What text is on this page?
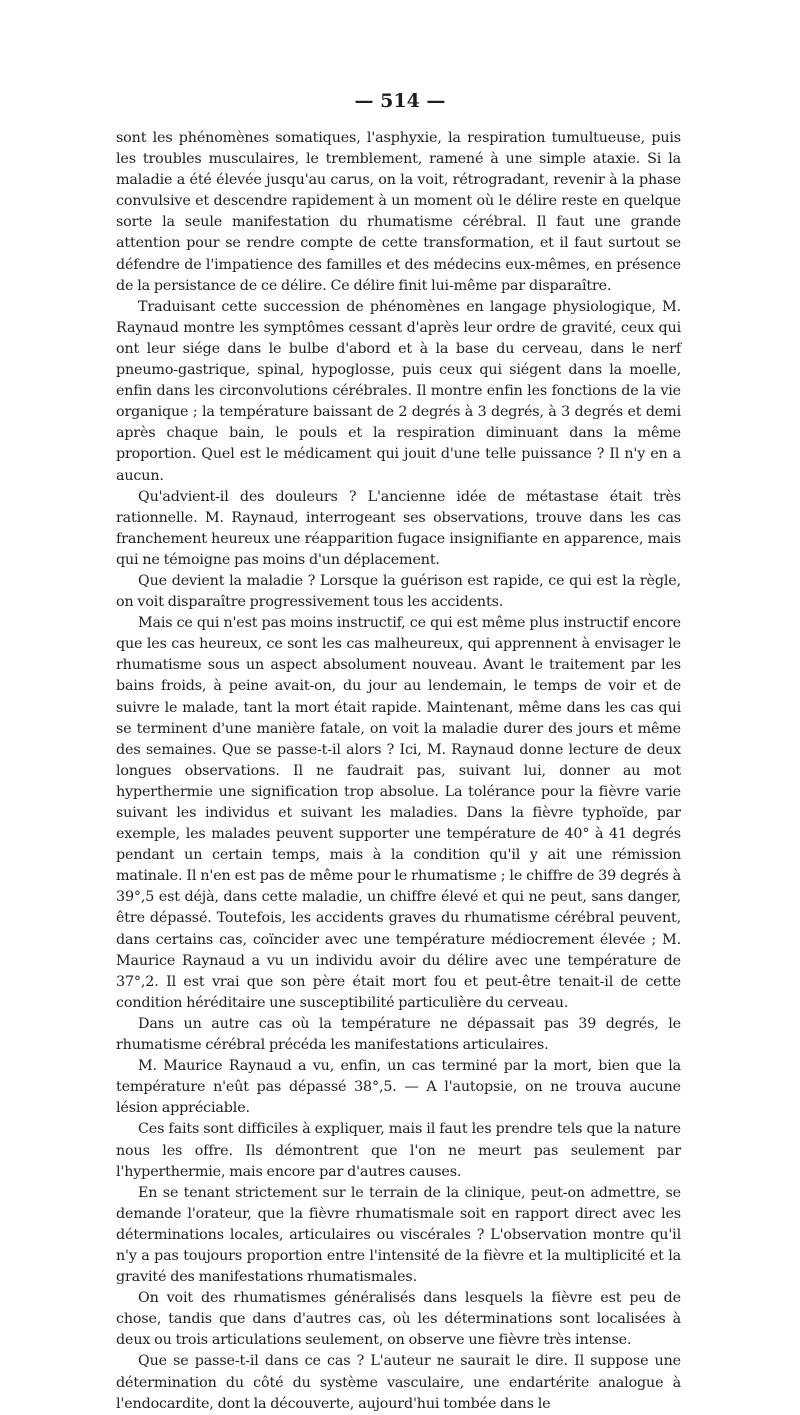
— 514 —

sont les phénomènes somatiques, l'asphyxie, la respiration tumultueuse, puis les troubles musculaires, le tremblement, ramené à une simple ataxie. Si la maladie a été élevée jusqu'au carus, on la voit, rétrogradant, revenir à la phase convulsive et descendre rapidement à un moment où le délire reste en quelque sorte la seule manifestation du rhumatisme cérébral. Il faut une grande attention pour se rendre compte de cette transformation, et il faut surtout se défendre de l'impatience des familles et des médecins eux-mêmes, en présence de la persistance de ce délire. Ce délire finit lui-même par disparaître.

Traduisant cette succession de phénomènes en langage physiologique, M. Raynaud montre les symptômes cessant d'après leur ordre de gravité, ceux qui ont leur siége dans le bulbe d'abord et à la base du cerveau, dans le nerf pneumo-gastrique, spinal, hypoglosse, puis ceux qui siégent dans la moelle, enfin dans les circonvolutions cérébrales. Il montre enfin les fonctions de la vie organique ; la température baissant de 2 degrés à 3 degrés, à 3 degrés et demi après chaque bain, le pouls et la respiration diminuant dans la même proportion. Quel est le médicament qui jouit d'une telle puissance ? Il n'y en a aucun.

Qu'advient-il des douleurs ? L'ancienne idée de métastase était très rationnelle. M. Raynaud, interrogeant ses observations, trouve dans les cas franchement heureux une réapparition fugace insignifiante en apparence, mais qui ne témoigne pas moins d'un déplacement.

Que devient la maladie ? Lorsque la guérison est rapide, ce qui est la règle, on voit disparaître progressivement tous les accidents.

Mais ce qui n'est pas moins instructif, ce qui est même plus instructif encore que les cas heureux, ce sont les cas malheureux, qui apprennent à envisager le rhumatisme sous un aspect absolument nouveau. Avant le traitement par les bains froids, à peine avait-on, du jour au lendemain, le temps de voir et de suivre le malade, tant la mort était rapide. Maintenant, même dans les cas qui se terminent d'une manière fatale, on voit la maladie durer des jours et même des semaines. Que se passe-t-il alors ? Ici, M. Raynaud donne lecture de deux longues observations. Il ne faudrait pas, suivant lui, donner au mot hyperthermie une signification trop absolue. La tolérance pour la fièvre varie suivant les individus et suivant les maladies. Dans la fièvre typhoïde, par exemple, les malades peuvent supporter une température de 40° à 41 degrés pendant un certain temps, mais à la condition qu'il y ait une rémission matinale. Il n'en est pas de même pour le rhumatisme ; le chiffre de 39 degrés à 39°,5 est déjà, dans cette maladie, un chiffre élevé et qui ne peut, sans danger, être dépassé. Toutefois, les accidents graves du rhumatisme cérébral peuvent, dans certains cas, coïncider avec une température médiocrement élevée ; M. Maurice Raynaud a vu un individu avoir du délire avec une température de 37°,2. Il est vrai que son père était mort fou et peut-être tenait-il de cette condition héréditaire une susceptibilité particulière du cerveau.

Dans un autre cas où la température ne dépassait pas 39 degrés, le rhumatisme cérébral précéda les manifestations articulaires.

M. Maurice Raynaud a vu, enfin, un cas terminé par la mort, bien que la température n'eût pas dépassé 38°,5. — A l'autopsie, on ne trouva aucune lésion appréciable.

Ces faits sont difficiles à expliquer, mais il faut les prendre tels que la nature nous les offre. Ils démontrent que l'on ne meurt pas seulement par l'hyperthermie, mais encore par d'autres causes.

En se tenant strictement sur le terrain de la clinique, peut-on admettre, se demande l'orateur, que la fièvre rhumatismale soit en rapport direct avec les déterminations locales, articulaires ou viscérales ? L'observation montre qu'il n'y a pas toujours proportion entre l'intensité de la fièvre et la multiplicité et la gravité des manifestations rhumatismales.

On voit des rhumatismes généralisés dans lesquels la fièvre est peu de chose, tandis que dans d'autres cas, où les déterminations sont localisées à deux ou trois articulations seulement, on observe une fièvre très intense.

Que se passe-t-il dans ce cas ? L'auteur ne saurait le dire. Il suppose une détermination du côté du système vasculaire, une endartérite analogue à l'endocardite, dont la découverte, aujourd'hui tombée dans le
